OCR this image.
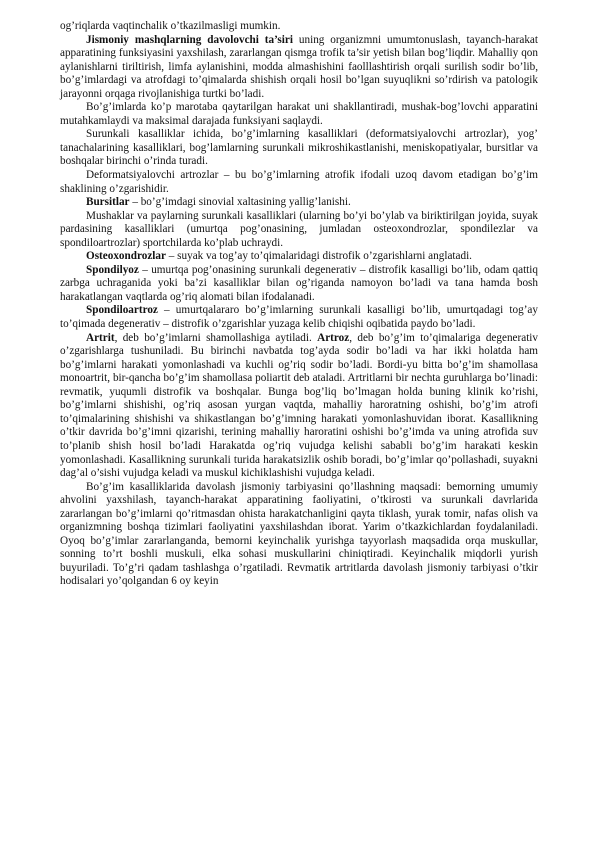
og’riqlarda vaqtinchalik o’tkazilmasligi mumkin.

Jismoniy mashqlarning davolovchi ta’siri uning organizmni umumtonuslash, tayanch-harakat apparatining funksiyasini yaxshilash, zararlangan qismga trofik ta’sir yetish bilan bog’liqdir. Mahalliy qon aylanishlarni tiriltirish, limfa aylanishini, modda almashishini faolllashtirish orqali surilish sodir bo’lib, bo’g’imlardagi va atrofdagi to’qimalarda shishish orqali hosil bo’lgan suyuqlikni so’rdirish va patologik jarayonni orqaga rivojlanishiga turtki bo’ladi.

Bo’g’imlarda ko’p marotaba qaytarilgan harakat uni shakllantiradi, mushak-bog’lovchi apparatini mutahkamlaydi va maksimal darajada funksiyani saqlaydi.

Surunkali kasalliklar ichida, bo’g’imlarning kasalliklari (deformatsiyalovchi artrozlar), yog’ tanachalarining kasalliklari, bog’lamlarning surunkali mikroshikastlanishi, meniskopatiyalar, bursitlar va boshqalar birinchi o’rinda turadi.

Deformatsiyalovchi artrozlar – bu bo’g’imlarning atrofik ifodali uzoq davom etadigan bo’g’im shaklining o’zgarishidir.

Bursitlar – bo’g’imdagi sinovial xaltasining yallig’lanishi.

Mushaklar va paylarning surunkali kasalliklari (ularning bo’yi bo’ylab va biriktirilgan joyida, suyak pardasining kasalliklari (umurtqa pog’onasining, jumladan osteoxondrozlar, spondilezlar va spondiloartrozlar) sportchilarda ko’plab uchraydi.

Osteoxondrozlar – suyak va tog’ay to’qimalaridagi distrofik o’zgarishlarni anglatadi.

Spondilyoz – umurtqa pog’onasining surunkali degenerativ – distrofik kasalligi bo’lib, odam qattiq zarbga uchraganida yoki ba’zi kasalliklar bilan og’riganda namoyon bo’ladi va tana hamda bosh harakatlangan vaqtlarda og’riq alomati bilan ifodalanadi.

Spondiloartroz – umurtqalararo bo’g’imlarning surunkali kasalligi bo’lib, umurtqadagi tog’ay to’qimada degenerativ – distrofik o’zgarishlar yuzaga kelib chiqishi oqibatida paydo bo’ladi.

Artrit, deb bo’g’imlarni shamollashiga aytiladi. Artroz, deb bo’g’im to’qimalariga degenerativ o’zgarishlarga tushuniladi. Bu birinchi navbatda tog’ayda sodir bo’ladi va har ikki holatda ham bo’g’imlarni harakati yomonlashadi va kuchli og’riq sodir bo’ladi. Bordi-yu bitta bo’g’im shamollasa monoartrit, bir-qancha bo’g’im shamollasa poliartit deb ataladi. Artritlarni bir nechta guruhlarga bo’linadi: revmatik, yuqumli distrofik va boshqalar. Bunga bog’liq bo’lmagan holda buning klinik ko’rishi, bo’g’imlarni shishishi, og’riq asosan yurgan vaqtda, mahalliy haroratning oshishi, bo’g’im atrofi to’qimalarining shishishi va shikastlangan bo’g’imning harakati yomonlashuvidan iborat. Kasallikning o’tkir davrida bo’g’imni qizarishi, terining mahalliy haroratini oshishi bo’g’imda va uning atrofida suv to’planib shish hosil bo’ladi Harakatda og’riq vujudga kelishi sababli bo’g’im harakati keskin yomonlashadi. Kasallikning surunkali turida harakatsizlik oshib boradi, bo’g’imlar qo’pollashadi, suyakni dag’al o’sishi vujudga keladi va muskul kichiklashishi vujudga keladi.

Bo’g’im kasalliklarida davolash jismoniy tarbiyasini qo’llashning maqsadi: bemorning umumiy ahvolini yaxshilash, tayanch-harakat apparatining faoliyatini, o’tkirosti va surunkali davrlarida zararlangan bo’g’imlarni qo’ritmasdan ohista harakatchanligini qayta tiklash, yurak tomir, nafas olish va organizmning boshqa tizimlari faoliyatini yaxshilashdan iborat. Yarim o’tkazkichlardan foydalaniladi. Oyoq bo’g’imlar zararlanganda, bemorni keyinchalik yurishga tayyorlash maqsadida orqa muskullar, sonning to’rt boshli muskuli, elka sohasi muskullarini chiniqtiradi. Keyinchalik miqdorli yurish buyuriladi. To’g’ri qadam tashlashga o’rgatiladi. Revmatik artritlarda davolash jismoniy tarbiyasi o’tkir hodisalari yo’qolgandan 6 oy keyin
